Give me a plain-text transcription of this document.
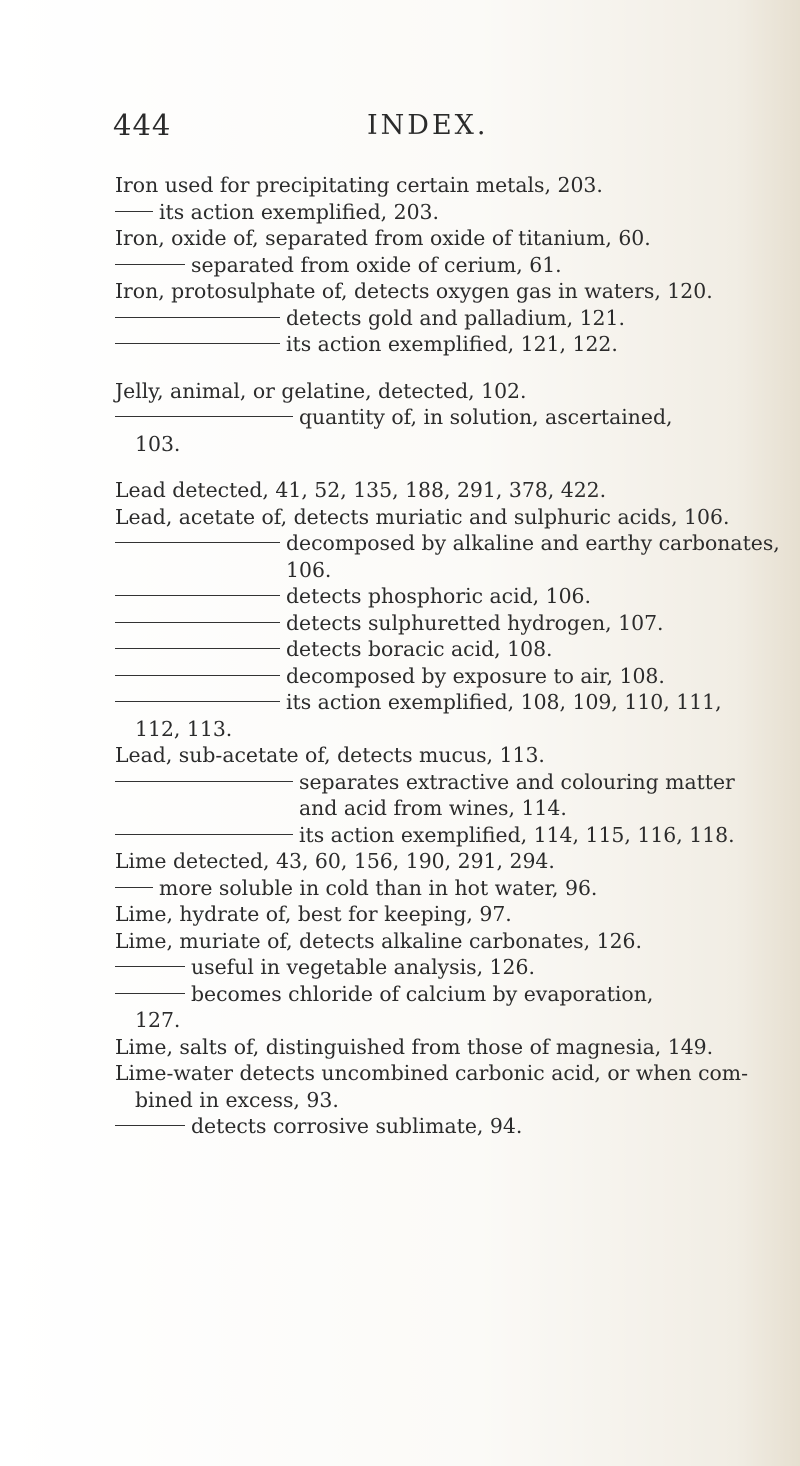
444	INDEX.
Iron used for precipitating certain metals, 203.
its action exemplified, 203.
Iron, oxide of, separated from oxide of titanium, 60.
separated from oxide of cerium, 61.
Iron, protosulphate of, detects oxygen gas in waters, 120.
detects gold and palladium, 121.
its action exemplified, 121, 122.
Jelly, animal, or gelatine, detected, 102.
quantity of, in solution, ascertained,
103.
Lead detected, 41, 52, 135, 188, 291, 378, 422.
Lead, acetate of, detects muriatic and sulphuric acids, 106.
decomposed by alkaline and earthy carbonates,
106.
detects phosphoric acid, 106.
detects sulphuretted hydrogen, 107.
detects boracic acid, 108.
decomposed by exposure to air, 108.
its action exemplified, 108, 109, 110, 111,
112, 113.
Lead, sub-acetate of, detects mucus, 113.
separates extractive and colouring matter
and acid from wines, 114.
its action exemplified, 114, 115, 116, 118.
Lime detected, 43, 60, 156, 190, 291, 294.
more soluble in cold than in hot water, 96.
Lime, hydrate of, best for keeping, 97.
Lime, muriate of, detects alkaline carbonates, 126.
useful in vegetable analysis, 126.
becomes chloride of calcium by evaporation,
127.
Lime, salts of, distinguished from those of magnesia, 149.
Lime-water detects uncombined carbonic acid, or when com-
bined in excess, 93.
detects corrosive sublimate, 94.
